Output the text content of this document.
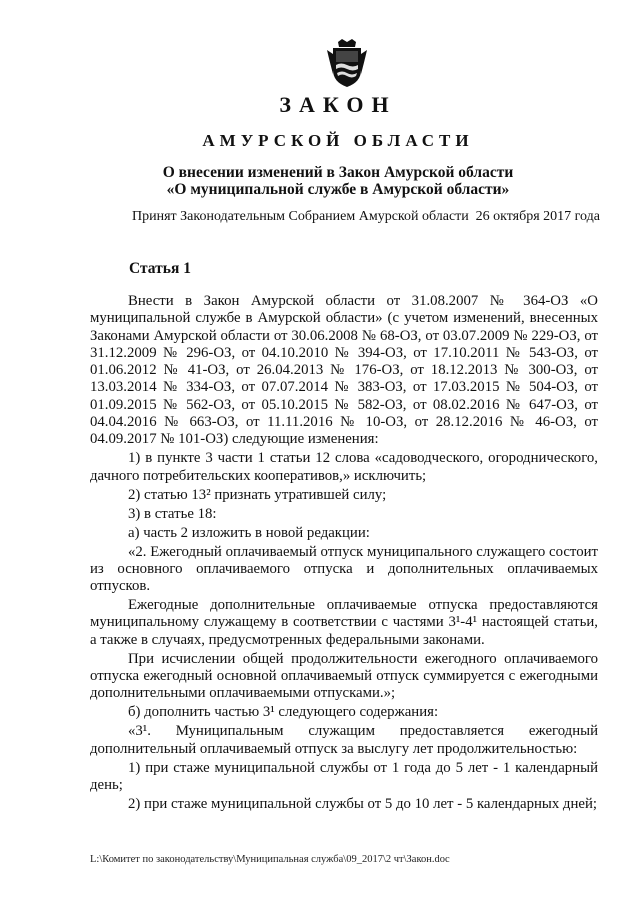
ЗАКОН
АМУРСКОЙ ОБЛАСТИ
О внесении изменений в Закон Амурской области
«О муниципальной службе в Амурской области»
Принят Законодательным Собранием Амурской области 26 октября 2017 года
Статья 1

Внести в Закон Амурской области от 31.08.2007 № 364-ОЗ «О муниципальной службе в Амурской области» (с учетом изменений, внесенных Законами Амурской области от 30.06.2008 № 68-ОЗ, от 03.07.2009 № 229-ОЗ, от 31.12.2009 № 296-ОЗ, от 04.10.2010 № 394-ОЗ, от 17.10.2011 № 543-ОЗ, от 01.06.2012 № 41-ОЗ, от 26.04.2013 № 176-ОЗ, от 18.12.2013 № 300-ОЗ, от 13.03.2014 № 334-ОЗ, от 07.07.2014 № 383-ОЗ, от 17.03.2015 № 504-ОЗ, от 01.09.2015 № 562-ОЗ, от 05.10.2015 № 582-ОЗ, от 08.02.2016 № 647-ОЗ, от 04.04.2016 № 663-ОЗ, от 11.11.2016 № 10-ОЗ, от 28.12.2016 № 46-ОЗ, от 04.09.2017 № 101-ОЗ) следующие изменения:

1) в пункте 3 части 1 статьи 12 слова «садоводческого, огороднического, дачного потребительских кооперативов,» исключить;

2) статью 13² признать утратившей силу;

3) в статье 18:

а) часть 2 изложить в новой редакции:

«2. Ежегодный оплачиваемый отпуск муниципального служащего состоит из основного оплачиваемого отпуска и дополнительных оплачиваемых отпусков.

Ежегодные дополнительные оплачиваемые отпуска предоставляются муниципальному служащему в соответствии с частями 3¹-4¹ настоящей статьи, а также в случаях, предусмотренных федеральными законами.

При исчислении общей продолжительности ежегодного оплачиваемого отпуска ежегодный основной оплачиваемый отпуск суммируется с ежегодными дополнительными оплачиваемыми отпусками.»;

б) дополнить частью 3¹ следующего содержания:

«3¹. Муниципальным служащим предоставляется ежегодный дополнительный оплачиваемый отпуск за выслугу лет продолжительностью:

1) при стаже муниципальной службы от 1 года до 5 лет - 1 календарный день;

2) при стаже муниципальной службы от 5 до 10 лет - 5 календарных дней;

L:\Комитет по законодательству\Муниципальная служба\09_2017\2 чт\Закон.doc
